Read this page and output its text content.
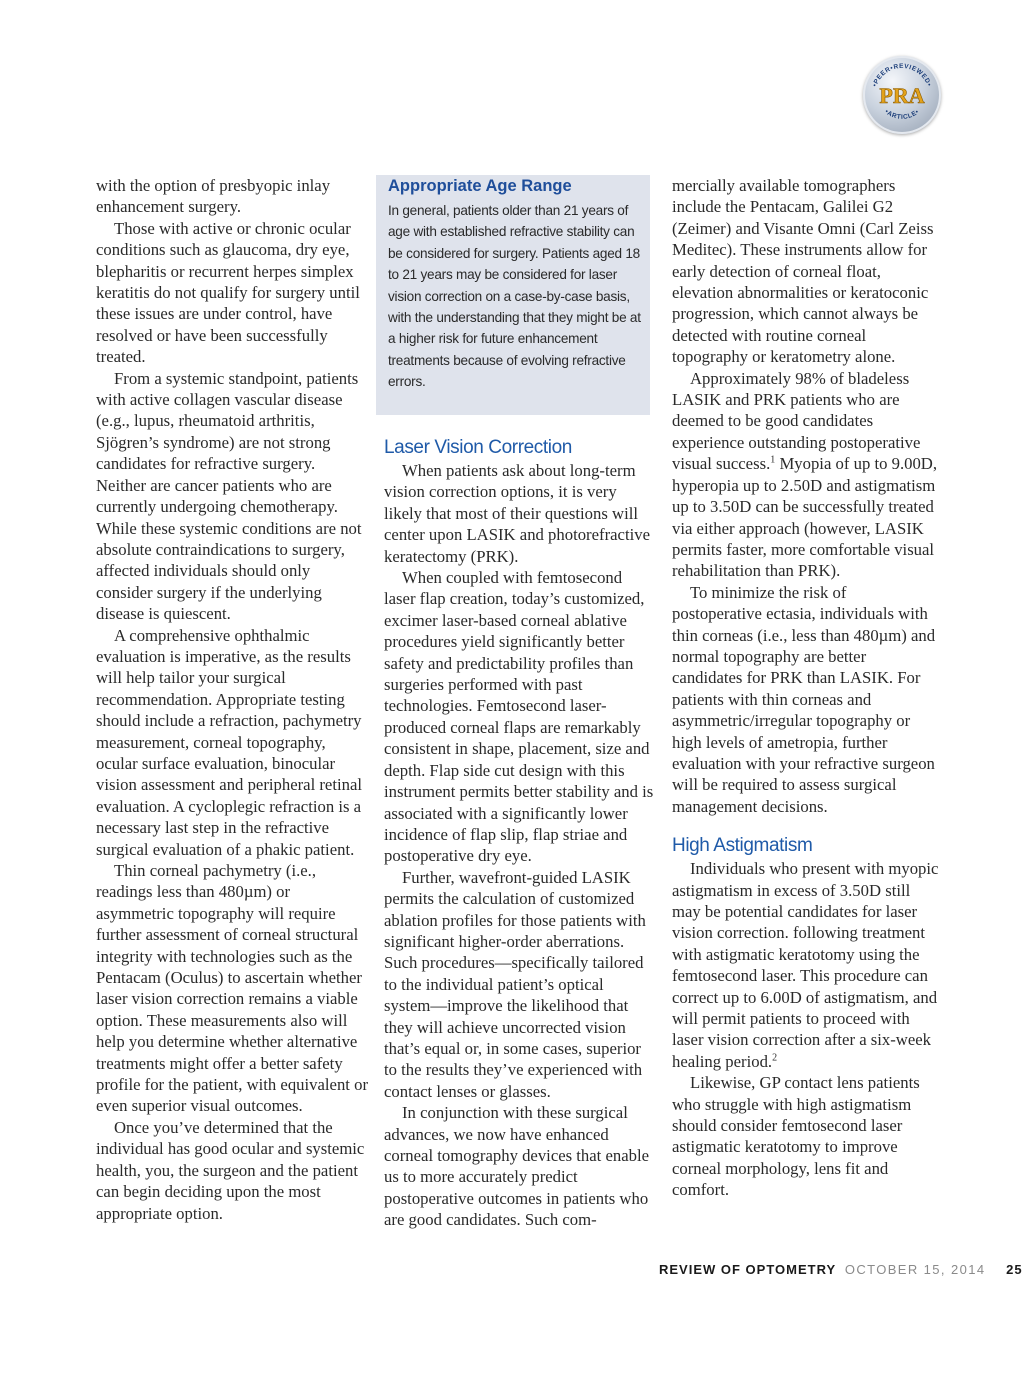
•PEER•REVIEWED•
•ARTICLE•
PRA

with the option of presbyopic inlay enhancement surgery.

Those with active or chronic ocular conditions such as glaucoma, dry eye, blepharitis or recurrent herpes simplex keratitis do not qualify for surgery until these issues are under control, have resolved or have been successfully treated.

From a systemic standpoint, patients with active collagen vascular disease (e.g., lupus, rheumatoid arthritis, Sjögren’s syndrome) are not strong candidates for refractive surgery. Neither are cancer patients who are currently undergoing chemotherapy. While these systemic conditions are not absolute contraindications to surgery, affected individuals should only consider surgery if the underlying disease is quiescent.

A comprehensive ophthalmic evaluation is imperative, as the results will help tailor your surgical recommendation. Appropriate testing should include a refraction, pachymetry measurement, corneal topography, ocular surface evaluation, binocular vision assessment and peripheral retinal evaluation. A cycloplegic refraction is a necessary last step in the refractive surgical evaluation of a phakic patient.

Thin corneal pachymetry (i.e., readings less than 480µm) or asymmetric topography will require further assessment of corneal structural integrity with technologies such as the Pentacam (Oculus) to ascertain whether laser vision correction remains a viable option. These measurements also will help you determine whether alternative treatments might offer a better safety profile for the patient, with equivalent or even superior visual outcomes.

Once you’ve determined that the individual has good ocular and systemic health, you, the surgeon and the patient can begin deciding upon the most appropriate option.

Appropriate Age Range
In general, patients older than 21 years of age with established refractive stability can be considered for surgery. Patients aged 18 to 21 years may be considered for laser vision correction on a case-by-case basis, with the understanding that they might be at a higher risk for future enhancement treatments because of evolving refractive errors.
Laser Vision Correction

When patients ask about long-term vision correction options, it is very likely that most of their questions will center upon LASIK and photorefractive keratectomy (PRK).

When coupled with femtosecond laser flap creation, today’s customized, excimer laser-based corneal ablative procedures yield significantly better safety and predictability profiles than surgeries performed with past technologies. Femtosecond laser-produced corneal flaps are remarkably consistent in shape, placement, size and depth. Flap side cut design with this instrument permits better stability and is associated with a significantly lower incidence of flap slip, flap striae and postoperative dry eye.

Further, wavefront-guided LASIK permits the calculation of customized ablation profiles for those patients with significant higher-order aberrations. Such procedures—specifically tailored to the individual patient’s optical system—improve the likelihood that they will achieve uncorrected vision that’s equal or, in some cases, superior to the results they’ve experienced with contact lenses or glasses.

In conjunction with these surgical advances, we now have enhanced corneal tomography devices that enable us to more accurately predict postoperative outcomes in patients who are good candidates. Such com-

mercially available tomographers include the Pentacam, Galilei G2 (Zeimer) and Visante Omni (Carl Zeiss Meditec). These instruments allow for early detection of corneal float, elevation abnormalities or keratoconic progression, which cannot always be detected with routine corneal topography or keratometry alone.

Approximately 98% of bladeless LASIK and PRK patients who are deemed to be good candidates experience outstanding postoperative visual success.$^1$ Myopia of up to 9.00D, hyperopia up to 2.50D and astigmatism up to 3.50D can be successfully treated via either approach (however, LASIK permits faster, more comfortable visual rehabilitation than PRK).

To minimize the risk of postoperative ectasia, individuals with thin corneas (i.e., less than 480µm) and normal topography are better candidates for PRK than LASIK. For patients with thin corneas and asymmetric/irregular topography or high levels of ametropia, further evaluation with your refractive surgeon will be required to assess surgical management decisions.

High Astigmatism

Individuals who present with myopic astigmatism in excess of 3.50D still may be potential candidates for laser vision correction. following treatment with astigmatic keratotomy using the femtosecond laser. This procedure can correct up to 6.00D of astigmatism, and will permit patients to proceed with laser vision correction after a six-week healing period.$^2$

Likewise, GP contact lens patients who struggle with high astigmatism should consider femtosecond laser astigmatic keratotomy to improve corneal morphology, lens fit and comfort.

REVIEW OF OPTOMETRY OCTOBER 15, 2014 25
